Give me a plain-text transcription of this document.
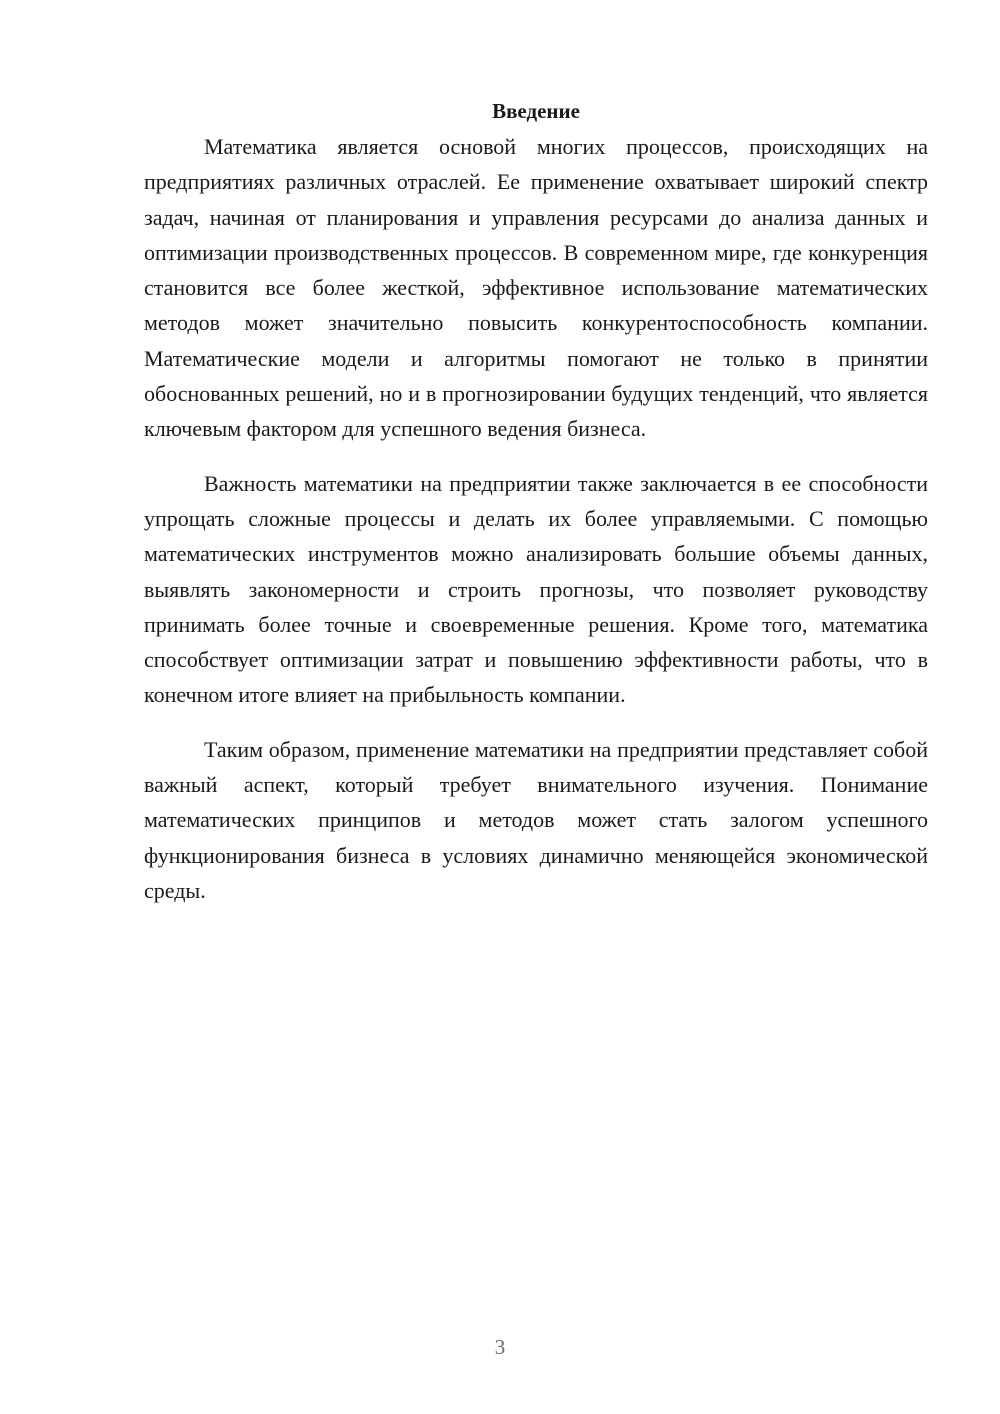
Введение

Математика является основой многих процессов, происходящих на предприятиях различных отраслей. Ее применение охватывает широкий спектр задач, начиная от планирования и управления ресурсами до анализа данных и оптимизации производственных процессов. В современном мире, где конкуренция становится все более жесткой, эффективное использование математических методов может значительно повысить конкурентоспособность компании. Математические модели и алгоритмы помогают не только в принятии обоснованных решений, но и в прогнозировании будущих тенденций, что является ключевым фактором для успешного ведения бизнеса.

Важность математики на предприятии также заключается в ее способности упрощать сложные процессы и делать их более управляемыми. С помощью математических инструментов можно анализировать большие объемы данных, выявлять закономерности и строить прогнозы, что позволяет руководству принимать более точные и своевременные решения. Кроме того, математика способствует оптимизации затрат и повышению эффективности работы, что в конечном итоге влияет на прибыльность компании.

Таким образом, применение математики на предприятии представляет собой важный аспект, который требует внимательного изучения. Понимание математических принципов и методов может стать залогом успешного функционирования бизнеса в условиях динамично меняющейся экономической среды.

3
